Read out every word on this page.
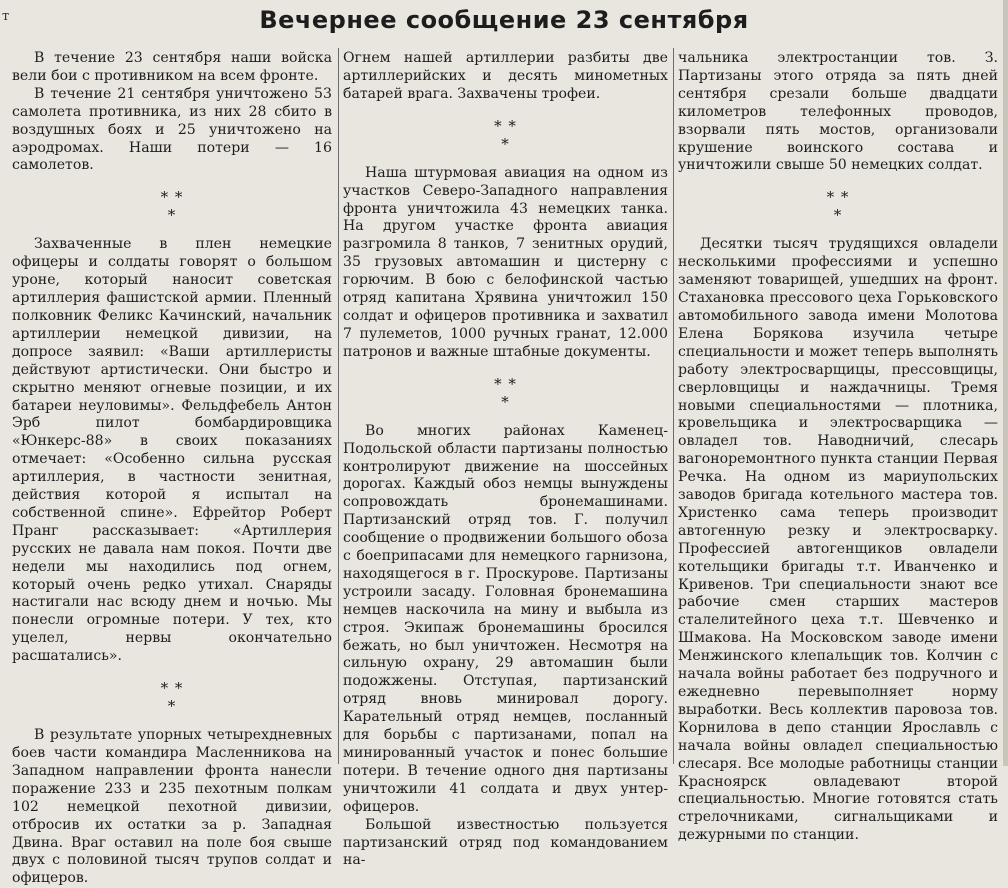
Вечернее сообщение 23 сентября
т

В течение 23 сентября наши войска вели бои с противником на всем фронте.

В течение 21 сентября уничтожено 53 самолета противника, из них 28 сбито в воздушных боях и 25 уничтожено на аэродромах. Наши потери — 16 самолетов.

* *
*

Захваченные в плен немецкие офицеры и солдаты говорят о большом уроне, который наносит советская артиллерия фашистской армии. Пленный полковник Феликс Качинский, начальник артиллерии немецкой дивизии, на допросе заявил: «Ваши артиллеристы действуют артистически. Они быстро и скрытно меняют огневые позиции, и их батареи неуловимы». Фельдфебель Антон Эрб пилот бомбардировщика «Юнкерс-88» в своих показаниях отмечает: «Особенно сильна русская артиллерия, в частности зенитная, действия которой я испытал на собственной спине». Ефрейтор Роберт Пранг рассказывает: «Артиллерия русских не давала нам покоя. Почти две недели мы находились под огнем, который очень редко утихал. Снаряды настигали нас всюду днем и ночью. Мы понесли огромные потери. У тех, кто уцелел, нервы окончательно расшатались».

* *
*

В результате упорных четырехдневных боев части командира Масленникова на Западном направлении фронта нанесли поражение 233 и 235 пехотным полкам 102 немецкой пехотной дивизии, отбросив их остатки за р. Западная Двина. Враг оставил на поле боя свыше двух с половиной тысяч трупов солдат и офицеров.

Огнем нашей артиллерии разбиты две артиллерийских и десять минометных батарей врага. Захвачены трофеи.

* *
*

Наша штурмовая авиация на одном из участков Северо-Западного направления фронта уничтожила 43 немецких танка. На другом участке фронта авиация разгромила 8 танков, 7 зенитных орудий, 35 грузовых автомашин и цистерну с горючим. В бою с белофинской частью отряд капитана Хрявина уничтожил 150 солдат и офицеров противника и захватил 7 пулеметов, 1000 ручных гранат, 12.000 патронов и важные штабные документы.

* *
*

Во многих районах Каменец-Подольской области партизаны полностью контролируют движение на шоссейных дорогах. Каждый обоз немцы вынуждены сопровождать бронемашинами. Партизанский отряд тов. Г. получил сообщение о продвижении большого обоза с боеприпасами для немецкого гарнизона, находящегося в г. Проскурове. Партизаны устроили засаду. Головная бронемашина немцев наскочила на мину и выбыла из строя. Экипаж бронемашины бросился бежать, но был уничтожен. Несмотря на сильную охрану, 29 автомашин были подожжены. Отступая, партизанский отряд вновь минировал дорогу. Карательный отряд немцев, посланный для борьбы с партизанами, попал на минированный участок и понес большие потери. В течение одного дня партизаны уничтожили 41 солдата и двух унтер-офицеров.

Большой известностью пользуется партизанский отряд под командованием на-

чальника электростанции тов. З. Партизаны этого отряда за пять дней сентября срезали больше двадцати километров телефонных проводов, взорвали пять мостов, организовали крушение воинского состава и уничтожили свыше 50 немецких солдат.

* *
*

Десятки тысяч трудящихся овладели несколькими профессиями и успешно заменяют товарищей, ушедших на фронт. Стахановка прессового цеха Горьковского автомобильного завода имени Молотова Елена Борякова изучила четыре специальности и может теперь выполнять работу электросварщицы, прессовщицы, сверловщицы и наждачницы. Тремя новыми специальностями — плотника, кровельщика и электросварщика — овладел тов. Наводничий, слесарь вагоноремонтного пункта станции Первая Речка. На одном из мариупольских заводов бригада котельного мастера тов. Христенко сама теперь производит автогенную резку и электросварку. Профессией автогенщиков овладели котельщики бригады т.т. Иванченко и Кривенов. Три специальности знают все рабочие смен старших мастеров сталелитейного цеха т.т. Шевченко и Шмакова. На Московском заводе имени Менжинского клепальщик тов. Колчин с начала войны работает без подручного и ежедневно перевыполняет норму выработки. Весь коллектив паровоза тов. Корнилова в депо станции Ярославль с начала войны овладел специальностью слесаря. Все молодые работницы станции Красноярск овладевают второй специальностью. Многие готовятся стать стрелочниками, сигнальщиками и дежурными по станции.
